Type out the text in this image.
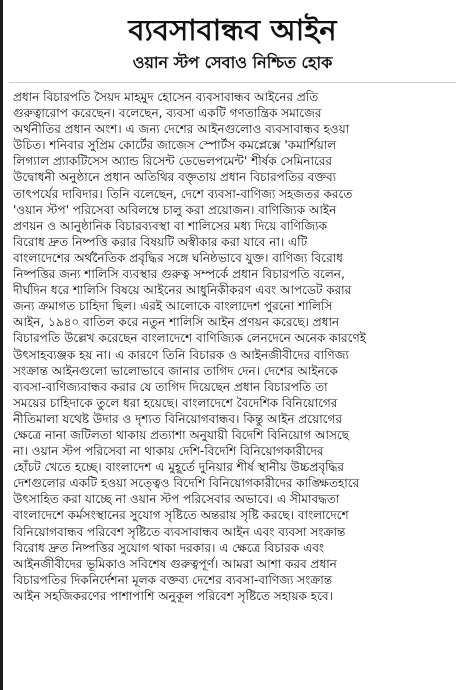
ব্যবসাবান্ধব আইন
ওয়ান স্টপ সেবাও নিশ্চিত হোক
প্রধান বিচারপতি সৈয়দ মাহমুদ হোসেন ব্যবসাবান্ধব আইনের প্রতি
গুরুত্বারোপ করেছেন। বলেছেন, ব্যবসা একটি গণতান্ত্রিক সমাজের
অর্থনীতির প্রধান অংশ। এ জন্য দেশের আইনগুলোও ব্যবসাবান্ধব হওয়া
উচিত। শনিবার সুপ্রিম কোর্টের জাজেস স্পোর্টস কমপ্লেক্সে 'কমার্শিয়াল
লিগ্যাল প্র্যাকটিসেস অ্যান্ড রিসেন্ট ডেভেলপমেন্ট' শীর্ষক সেমিনারের
উদ্বোধনী অনুষ্ঠানে প্রধান অতিথির বক্তৃতায় প্রধান বিচারপতির বক্তব্য
তাৎপর্যের দাবিদার। তিনি বলেছেন, দেশে ব্যবসা-বাণিজ্য সহজতর করতে
'ওয়ান স্টপ' পরিসেবা অবিলম্বে চালু করা প্রয়োজন। বাণিজ্যিক আইন
প্রণয়ন ও আনুষ্ঠানিক বিচারব্যবস্থা বা শালিসের মধ্য দিয়ে বাণিজ্যিক
বিরোধ দ্রুত নিষ্পত্তি করার বিষয়টি অস্বীকার করা যাবে না। এটি
বাংলাদেশের অর্থনৈতিক প্রবৃদ্ধির সঙ্গে ঘনিষ্ঠভাবে যুক্ত। বাণিজ্য বিরোধ
নিষ্পত্তির জন্য শালিসি ব্যবস্থার গুরুত্ব সম্পর্কে প্রধান বিচারপতি বলেন,
দীর্ঘদিন ধরে শালিসি বিষয়ে আইনের আধুনিকীকরণ এবং আপডেট করার
জন্য ক্রমাগত চাহিদা ছিল। এরই আলোকে বাংলাদেশ পুরনো শালিসি
আইন, ১৯৪০ বাতিল করে নতুন শালিসি আইন প্রণয়ন করেছে। প্রধান
বিচারপতি উল্লেখ করেছেন বাংলাদেশে বাণিজ্যিক লেনদেনে অনেক কারণেই
উৎসাহব্যঞ্জক হয় না। এ কারণে তিনি বিচারক ও আইনজীবীদের বাণিজ্য
সংক্রান্ত আইনগুলো ভালোভাবে জানার তাগিদ দেন। দেশের আইনকে
ব্যবসা-বাণিজ্যবান্ধব করার যে তাগিদ দিয়েছেন প্রধান বিচারপতি তা
সময়ের চাহিদাকে তুলে ধরা হয়েছে। বাংলাদেশে বৈদেশিক বিনিয়োগের
নীতিমালা যথেষ্ট উদার ও দৃশ্যত বিনিয়োগবান্ধব। কিন্তু আইন প্রয়োগের
ক্ষেত্রে নানা জটিলতা থাকায় প্রত্যাশা অনুযায়ী বিদেশি বিনিয়োগ আসছে
না। ওয়ান স্টপ পরিসেবা না থাকায় দেশি-বিদেশি বিনিয়োগকারীদের
হোঁচট খেতে হচ্ছে। বাংলাদেশ এ মুহূর্তে দুনিয়ার শীর্ষ স্থানীয় উচ্চপ্রবৃদ্ধির
দেশগুলোর একটি হওয়া সত্ত্বেও বিদেশি বিনিয়োগকারীদের কাঙ্ক্ষিতহারে
উৎসাহিত করা যাচ্ছে না ওয়ান স্টপ পরিসেবার অভাবে। এ সীমাবদ্ধতা
বাংলাদেশে কর্মসংস্থানের সুযোগ সৃষ্টিতে অন্তরায় সৃষ্টি করছে। বাংলাদেশে
বিনিয়োগবান্ধব পরিবেশ সৃষ্টিতে ব্যবসাবান্ধব আইন এবং ব্যবসা সংক্রান্ত
বিরোধ দ্রুত নিষ্পত্তির সুযোগ থাকা দরকার। এ ক্ষেত্রে বিচারক এবং
আইনজীবীদের ভূমিকাও সবিশেষ গুরুত্বপূর্ণ। আমরা আশা করব প্রধান
বিচারপতির দিকনির্দেশনা মূলক বক্তব্য দেশের ব্যবসা-বাণিজ্য সংক্রান্ত
আইন সহজিকরণের পাশাপাশি অনুকূল পরিবেশ সৃষ্টিতে সহায়ক হবে।
